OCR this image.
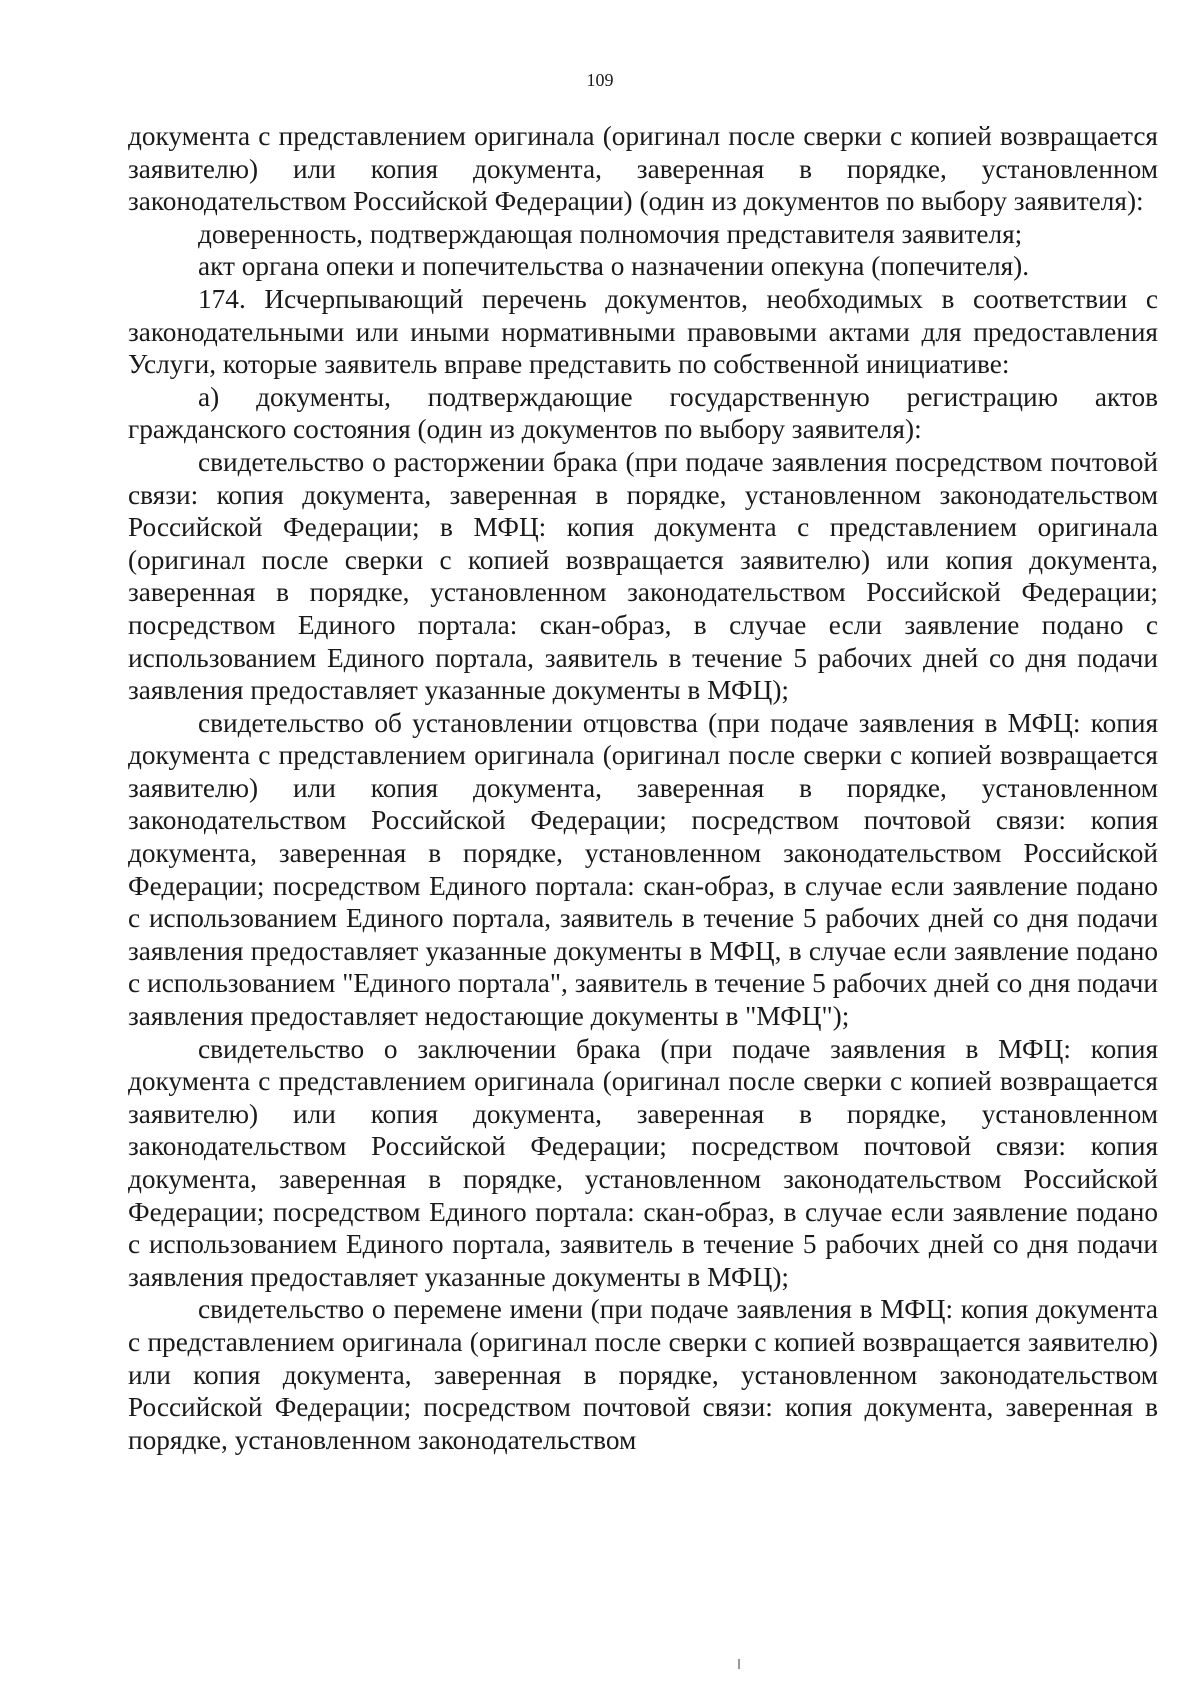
109

документа с представлением оригинала (оригинал после сверки с копией возвращается заявителю) или копия документа, заверенная в порядке, установленном законодательством Российской Федерации) (один из документов по выбору заявителя):

доверенность, подтверждающая полномочия представителя заявителя;

акт органа опеки и попечительства о назначении опекуна (попечителя).

174. Исчерпывающий перечень документов, необходимых в соответствии с законодательными или иными нормативными правовыми актами для предоставления Услуги, которые заявитель вправе представить по собственной инициативе:

а) документы, подтверждающие государственную регистрацию актов гражданского состояния (один из документов по выбору заявителя):

свидетельство о расторжении брака (при подаче заявления посредством почтовой связи: копия документа, заверенная в порядке, установленном законодательством Российской Федерации; в МФЦ: копия документа с представлением оригинала (оригинал после сверки с копией возвращается заявителю) или копия документа, заверенная в порядке, установленном законодательством Российской Федерации; посредством Единого портала: скан-образ, в случае если заявление подано с использованием Единого портала, заявитель в течение 5 рабочих дней со дня подачи заявления предоставляет указанные документы в МФЦ);

свидетельство об установлении отцовства (при подаче заявления в МФЦ: копия документа с представлением оригинала (оригинал после сверки с копией возвращается заявителю) или копия документа, заверенная в порядке, установленном законодательством Российской Федерации; посредством почтовой связи: копия документа, заверенная в порядке, установленном законодательством Российской Федерации; посредством Единого портала: скан-образ, в случае если заявление подано с использованием Единого портала, заявитель в течение 5 рабочих дней со дня подачи заявления предоставляет указанные документы в МФЦ, в случае если заявление подано с использованием "Единого портала", заявитель в течение 5 рабочих дней со дня подачи заявления предоставляет недостающие документы в "МФЦ");

свидетельство о заключении брака (при подаче заявления в МФЦ: копия документа с представлением оригинала (оригинал после сверки с копией возвращается заявителю) или копия документа, заверенная в порядке, установленном законодательством Российской Федерации; посредством почтовой связи: копия документа, заверенная в порядке, установленном законодательством Российской Федерации; посредством Единого портала: скан-образ, в случае если заявление подано с использованием Единого портала, заявитель в течение 5 рабочих дней со дня подачи заявления предоставляет указанные документы в МФЦ);

свидетельство о перемене имени (при подаче заявления в МФЦ: копия документа с представлением оригинала (оригинал после сверки с копией возвращается заявителю) или копия документа, заверенная в порядке, установленном законодательством Российской Федерации; посредством почтовой связи: копия документа, заверенная в порядке, установленном законодательством
